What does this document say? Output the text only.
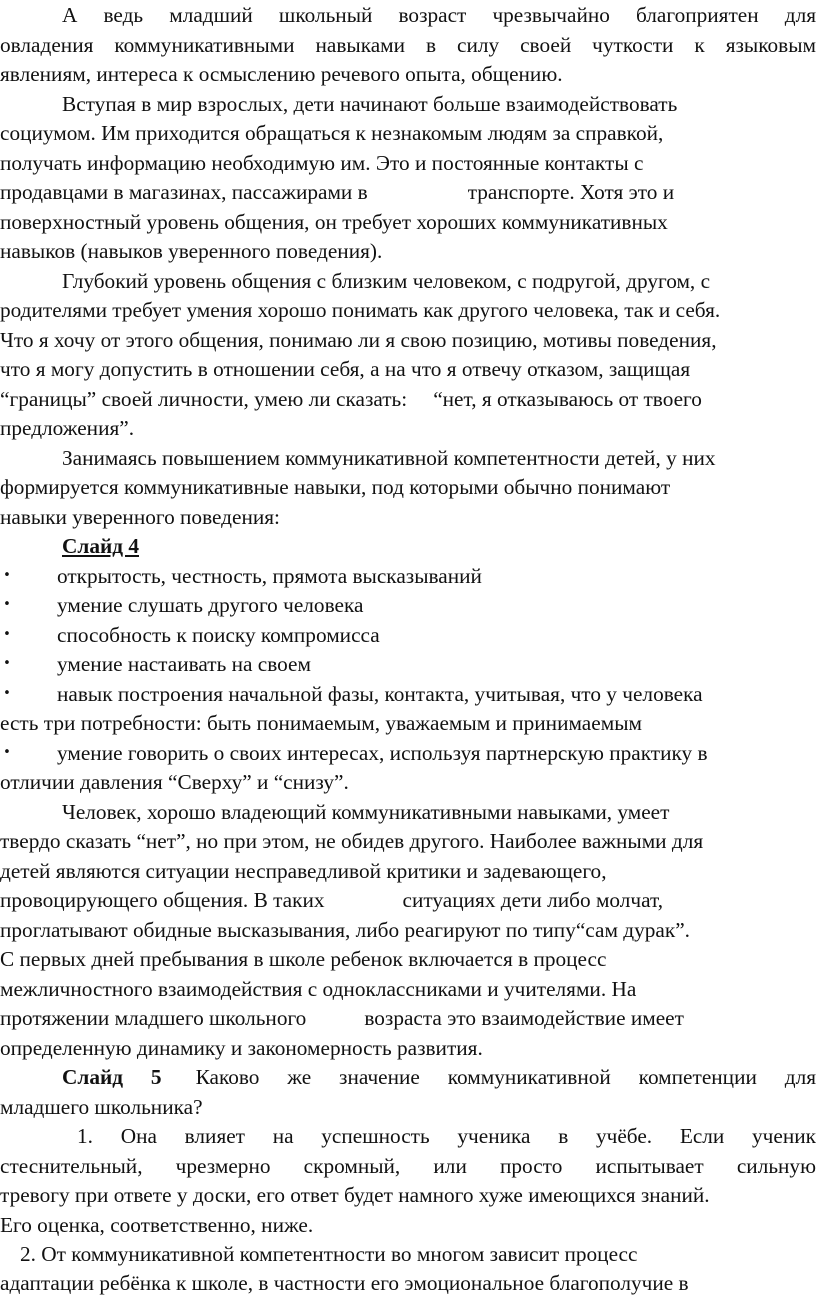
А ведь младший школьный возраст чрезвычайно благоприятен для
овладения коммуникативными навыками в силу своей чуткости к языковым
явлениям, интереса к осмыслению речевого опыта, общению.
Вступая в мир взрослых, дети начинают больше взаимодействовать
социумом. Им приходится обращаться к незнакомым людям за справкой,
получать информацию необходимую им. Это и постоянные контакты с
продавцами в магазинах, пассажирами в	транспорте. Хотя это и
поверхностный уровень общения, он требует хороших коммуникативных
навыков (навыков уверенного поведения).
Глубокий уровень общения с близким человеком, с подругой, другом, с
родителями требует умения хорошо понимать как другого человека, так и себя.
Что я хочу от этого общения, понимаю ли я свою позицию, мотивы поведения,
что я могу допустить в отношении себя, а на что я отвечу отказом, защищая
“границы” своей личности, умею ли сказать: “нет, я отказываюсь от твоего
предложения”.
Занимаясь повышением коммуникативной компетентности детей, у них
формируется коммуникативные навыки, под которыми обычно понимают
навыки уверенного поведения:
Слайд 4
• открытость, честность, прямота высказываний
• умение слушать другого человека
• способность к поиску компромисса
• умение настаивать на своем
• навык построения начальной фазы, контакта, учитывая, что у человека
есть три потребности: быть понимаемым, уважаемым и принимаемым
• умение говорить о своих интересах, используя партнерскую практику в
отличии давления “Сверху” и “снизу”.
Человек, хорошо владеющий коммуникативными навыками, умеет
твердо сказать “нет”, но при этом, не обидев другого. Наиболее важными для
детей являются ситуации несправедливой критики и задевающего,
провоцирующего общения. В таких	ситуациях дети либо молчат,
проглатывают обидные высказывания, либо реагируют по типу“сам дурак”.
С первых дней пребывания в школе ребенок включается в процесс
межличностного взаимодействия с одноклассниками и учителями. На
протяжении младшего школьного	возраста это взаимодействие имеет
определенную динамику и закономерность развития.
Слайд 5 Каково же значение коммуникативной компетенции для
младшего школьника?
1. Она влияет на успешность ученика в учёбе. Если ученик
стеснительный, чрезмерно скромный, или просто испытывает сильную
тревогу при ответе у доски, его ответ будет намного хуже имеющихся знаний.
Его оценка, соответственно, ниже.
2. От коммуникативной компетентности во многом зависит процесс
адаптации ребёнка к школе, в частности его эмоциональное благополучие в
